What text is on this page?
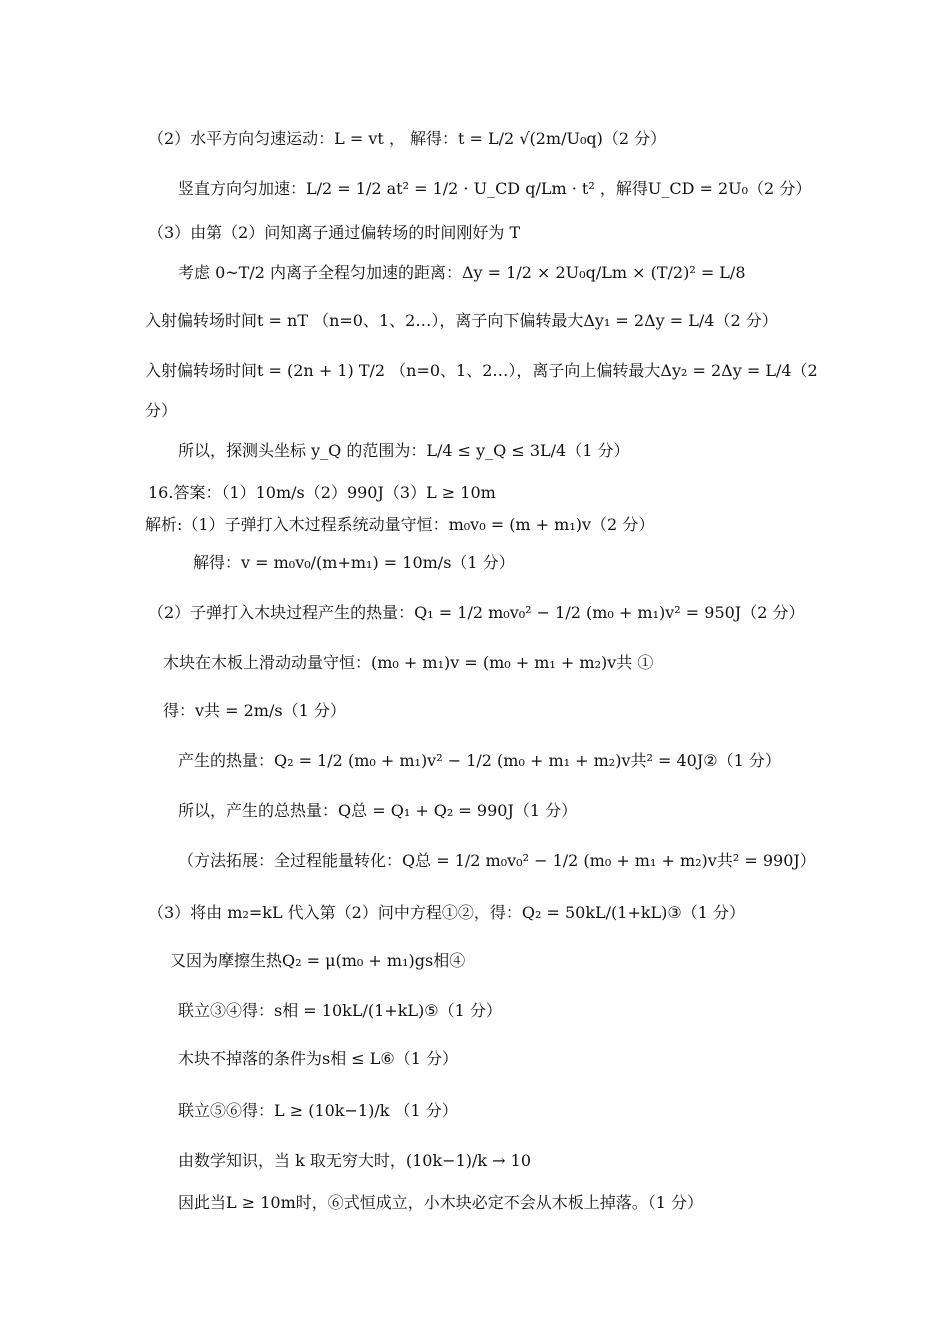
（2）水平方向匀速运动：L = vt ， 解得：t = L/2 √(2m/U₀q)（2 分）
竖直方向匀加速：L/2 = 1/2 at² = 1/2 · U_CD q/Lm · t² ，解得U_CD = 2U₀（2 分）
（3）由第（2）问知离子通过偏转场的时间刚好为 T
考虑 0~T/2 内离子全程匀加速的距离：Δy = 1/2 × 2U₀q/Lm × (T/2)² = L/8
入射偏转场时间t = nT （n=0、1、2…），离子向下偏转最大Δy₁ = 2Δy = L/4（2 分）
入射偏转场时间t = (2n + 1) T/2 （n=0、1、2…），离子向上偏转最大Δy₂ = 2Δy = L/4（2
分）
所以，探测头坐标 y_Q 的范围为：L/4 ≤ y_Q ≤ 3L/4（1 分）
16.答案：（1）10m/s（2）990J（3）L ≥ 10m
解析:（1）子弹打入木过程系统动量守恒：m₀v₀ = (m + m₁)v（2 分）
解得：v = m₀v₀/(m+m₁) = 10m/s（1 分）
（2）子弹打入木块过程产生的热量：Q₁ = 1/2 m₀v₀² − 1/2 (m₀ + m₁)v² = 950J（2 分）
木块在木板上滑动动量守恒：(m₀ + m₁)v = (m₀ + m₁ + m₂)v共 ①
得：v共 = 2m/s（1 分）
产生的热量：Q₂ = 1/2 (m₀ + m₁)v² − 1/2 (m₀ + m₁ + m₂)v共² = 40J②（1 分）
所以，产生的总热量：Q总 = Q₁ + Q₂ = 990J（1 分）
（方法拓展：全过程能量转化：Q总 = 1/2 m₀v₀² − 1/2 (m₀ + m₁ + m₂)v共² = 990J）
（3）将由 m₂=kL 代入第（2）问中方程①②，得：Q₂ = 50kL/(1+kL)③（1 分）
又因为摩擦生热Q₂ = μ(m₀ + m₁)gs相④
联立③④得：s相 = 10kL/(1+kL)⑤（1 分）
木块不掉落的条件为s相 ≤ L⑥（1 分）
联立⑤⑥得：L ≥ (10k−1)/k （1 分）
由数学知识，当 k 取无穷大时，(10k−1)/k → 10
因此当L ≥ 10m时，⑥式恒成立，小木块必定不会从木板上掉落。（1 分）
